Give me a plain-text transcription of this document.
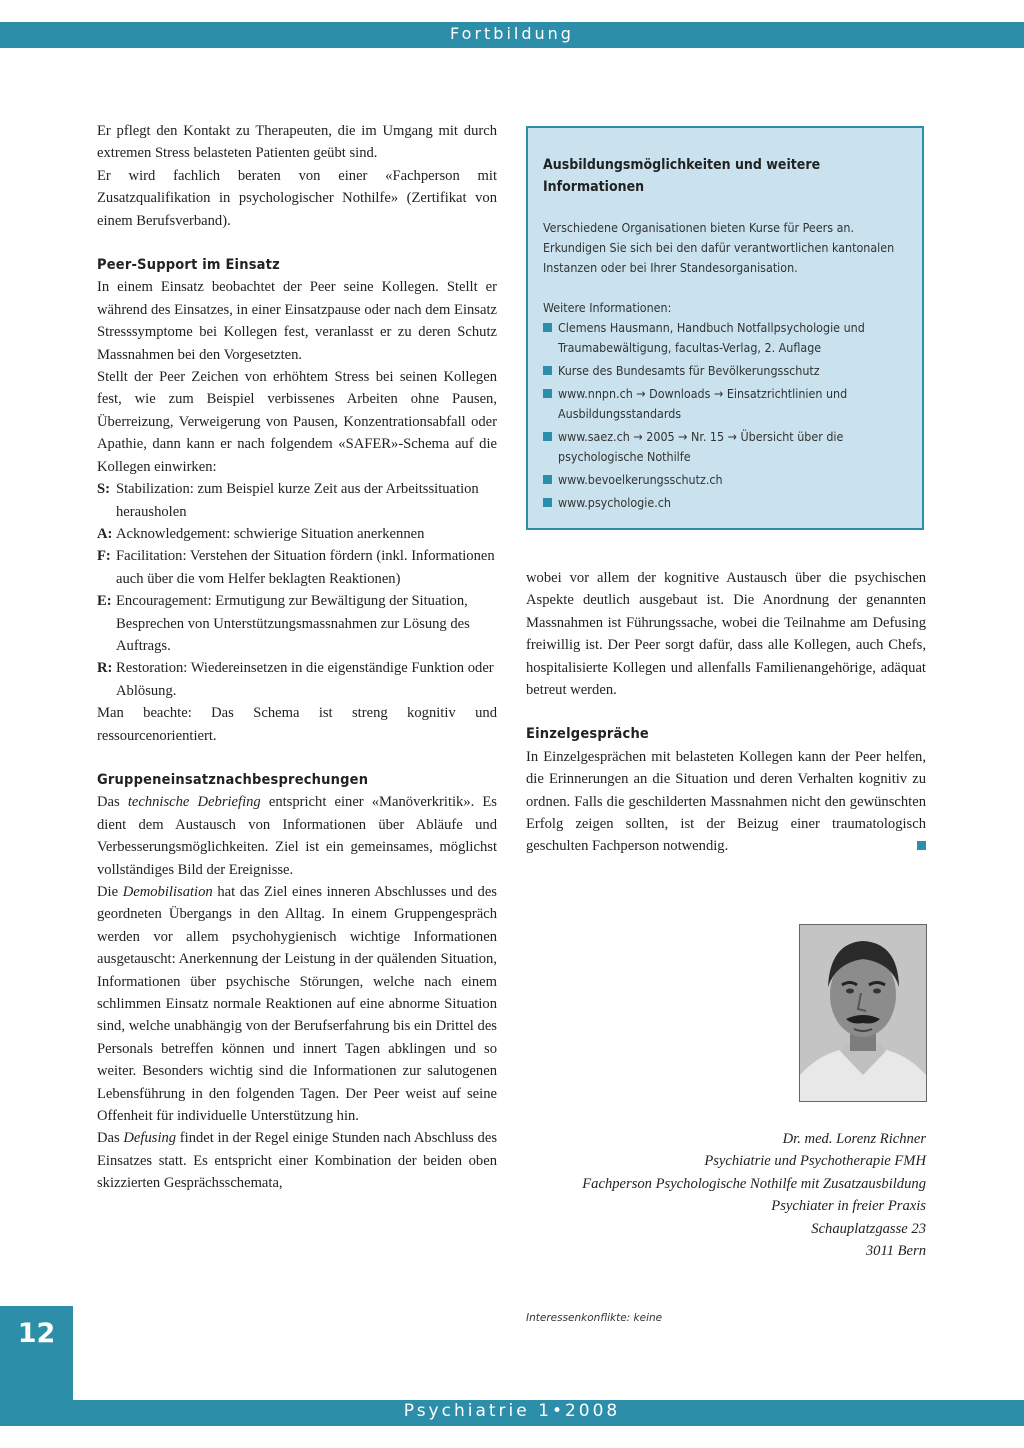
Fortbildung

Er pflegt den Kontakt zu Therapeuten, die im Umgang mit durch extremen Stress belasteten Patienten geübt sind.

Er wird fachlich beraten von einer «Fachperson mit Zusatzqualifikation in psychologischer Nothilfe» (Zertifikat von einem Berufsverband).

Peer-Support im Einsatz

In einem Einsatz beobachtet der Peer seine Kollegen. Stellt er während des Einsatzes, in einer Einsatzpause oder nach dem Einsatz Stresssymptome bei Kollegen fest, veranlasst er zu deren Schutz Massnahmen bei den Vorgesetzten.

Stellt der Peer Zeichen von erhöhtem Stress bei seinen Kollegen fest, wie zum Beispiel verbissenes Arbeiten ohne Pausen, Überreizung, Verweigerung von Pausen, Konzentrationsabfall oder Apathie, dann kann er nach folgendem «SAFER»-Schema auf die Kollegen einwirken:

S: Stabilization: zum Beispiel kurze Zeit aus der Arbeitssituation herausholen
A: Acknowledgement: schwierige Situation anerkennen
F: Facilitation: Verstehen der Situation fördern (inkl. Informationen auch über die vom Helfer beklagten Reaktionen)
E: Encouragement: Ermutigung zur Bewältigung der Situation, Besprechen von Unterstützungsmassnahmen zur Lösung des Auftrags.
R: Restoration: Wiedereinsetzen in die eigenständige Funktion oder Ablösung.

Man beachte: Das Schema ist streng kognitiv und ressourcenorientiert.

Gruppeneinsatznachbesprechungen

Das technische Debriefing entspricht einer «Manöverkritik». Es dient dem Austausch von Informationen über Abläufe und Verbesserungsmöglichkeiten. Ziel ist ein gemeinsames, möglichst vollständiges Bild der Ereignisse.

Die Demobilisation hat das Ziel eines inneren Abschlusses und des geordneten Übergangs in den Alltag. In einem Gruppengespräch werden vor allem psychohygienisch wichtige Informationen ausgetauscht: Anerkennung der Leistung in der quälenden Situation, Informationen über psychische Störungen, welche nach einem schlimmen Einsatz normale Reaktionen auf eine abnorme Situation sind, welche unabhängig von der Berufserfahrung bis ein Drittel des Personals betreffen können und innert Tagen abklingen und so weiter. Besonders wichtig sind die Informationen zur salutogenen Lebensführung in den folgenden Tagen. Der Peer weist auf seine Offenheit für individuelle Unterstützung hin.

Das Defusing findet in der Regel einige Stunden nach Abschluss des Einsatzes statt. Es entspricht einer Kombination der beiden oben skizzierten Gesprächsschemata,

Ausbildungsmöglichkeiten und weitere Informationen

Verschiedene Organisationen bieten Kurse für Peers an. Erkundigen Sie sich bei den dafür verantwortlichen kantonalen Instanzen oder bei Ihrer Standesorganisation.

Weitere Informationen:

Clemens Hausmann, Handbuch Notfallpsychologie und Traumabewältigung, facultas-Verlag, 2. Auflage
Kurse des Bundesamts für Bevölkerungsschutz
www.nnpn.ch → Downloads → Einsatzrichtlinien und Ausbildungsstandards
www.saez.ch → 2005 → Nr. 15 → Übersicht über die psychologische Nothilfe
www.bevoelkerungsschutz.ch
www.psychologie.ch

wobei vor allem der kognitive Austausch über die psychischen Aspekte deutlich ausgebaut ist. Die Anordnung der genannten Massnahmen ist Führungssache, wobei die Teilnahme am Defusing freiwillig ist. Der Peer sorgt dafür, dass alle Kollegen, auch Chefs, hospitalisierte Kollegen und allenfalls Familienangehörige, adäquat betreut werden.

Einzelgespräche

In Einzelgesprächen mit belasteten Kollegen kann der Peer helfen, die Erinnerungen an die Situation und deren Verhalten kognitiv zu ordnen. Falls die geschilderten Massnahmen nicht den gewünschten Erfolg zeigen sollten, ist der Beizug einer traumatologisch geschulten Fachperson notwendig.

Dr. med. Lorenz Richner
Psychiatrie und Psychotherapie FMH
Fachperson Psychologische Nothilfe mit Zusatzausbildung
Psychiater in freier Praxis
Schauplatzgasse 23
3011 Bern
Interessenkonflikte: keine
12
Psychiatrie 1•2008
